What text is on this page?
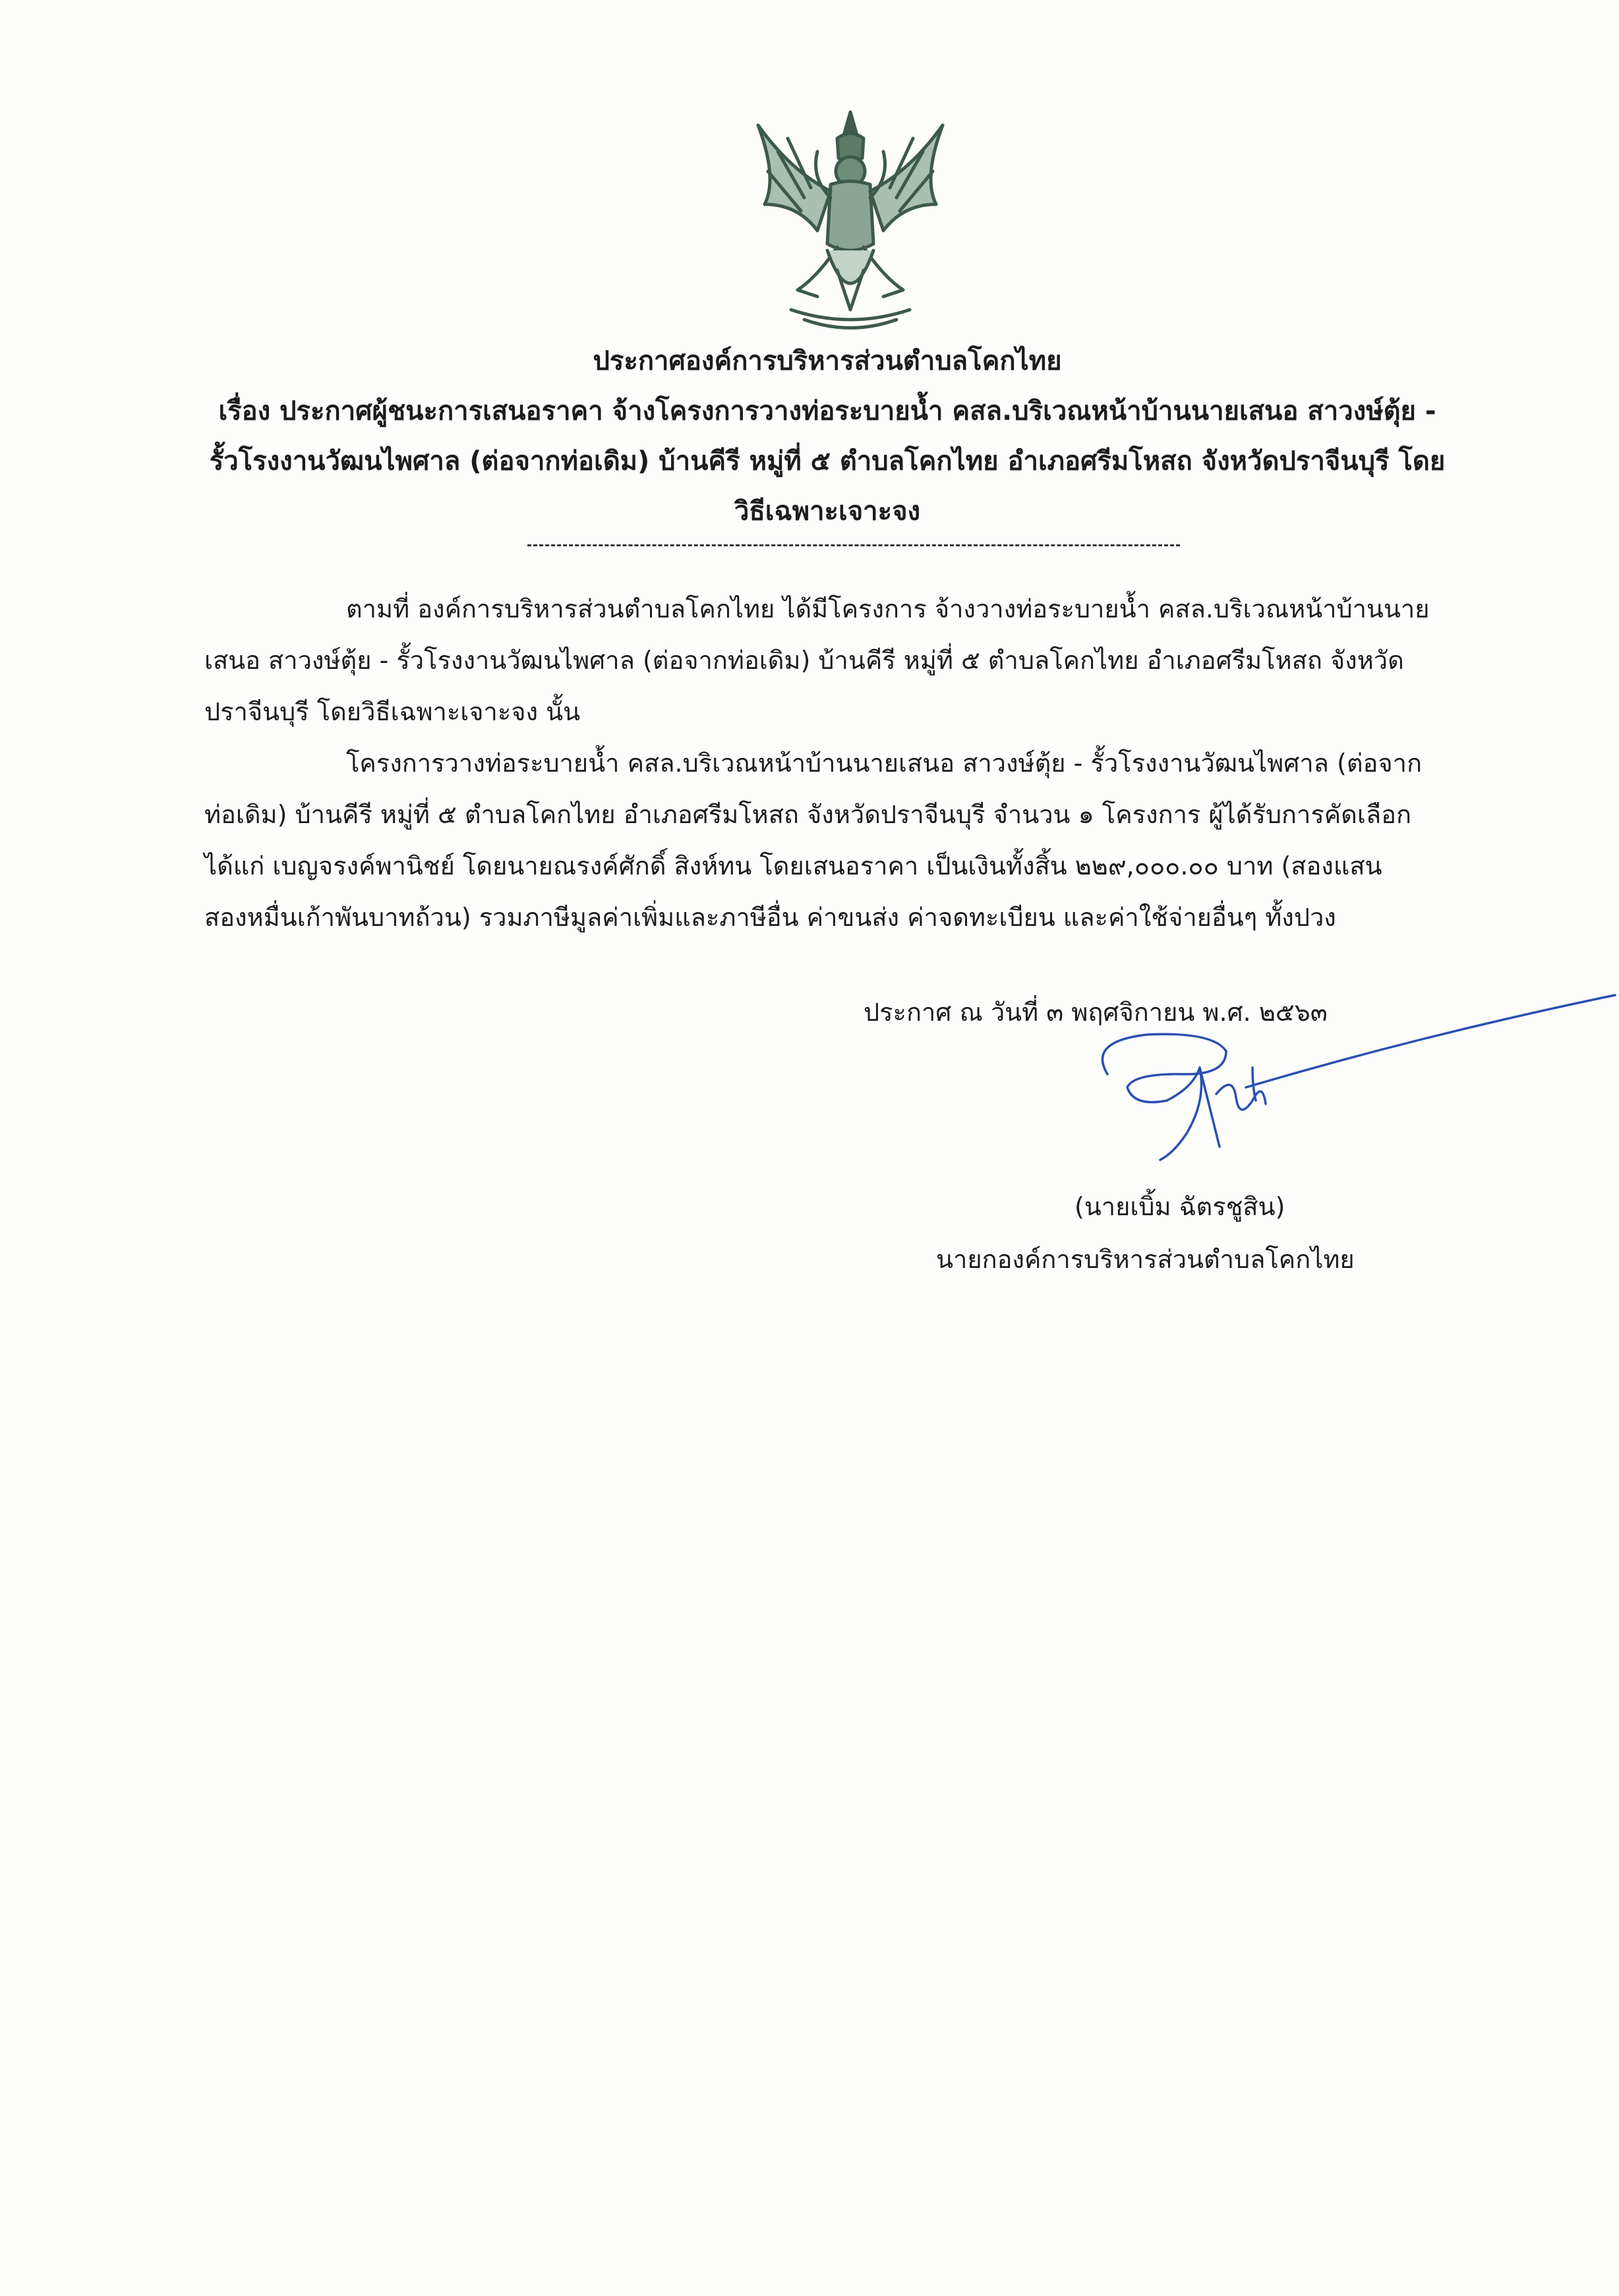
ประกาศองค์การบริหารส่วนตำบลโคกไทย
เรื่อง ประกาศผู้ชนะการเสนอราคา จ้างโครงการวางท่อระบายน้ำ คสล.บริเวณหน้าบ้านนายเสนอ สาวงษ์ตุ้ย -
รั้วโรงงานวัฒนไพศาล (ต่อจากท่อเดิม) บ้านคีรี หมู่ที่ ๕ ตำบลโคกไทย อำเภอศรีมโหสถ จังหวัดปราจีนบุรี โดย
วิธีเฉพาะเจาะจง
ตามที่ องค์การบริหารส่วนตำบลโคกไทย ได้มีโครงการ จ้างวางท่อระบายน้ำ คสล.บริเวณหน้าบ้านนาย
เสนอ สาวงษ์ตุ้ย - รั้วโรงงานวัฒนไพศาล (ต่อจากท่อเดิม) บ้านคีรี หมู่ที่ ๕ ตำบลโคกไทย อำเภอศรีมโหสถ จังหวัด
ปราจีนบุรี โดยวิธีเฉพาะเจาะจง นั้น
โครงการวางท่อระบายน้ำ คสล.บริเวณหน้าบ้านนายเสนอ สาวงษ์ตุ้ย - รั้วโรงงานวัฒนไพศาล (ต่อจาก
ท่อเดิม) บ้านคีรี หมู่ที่ ๕ ตำบลโคกไทย อำเภอศรีมโหสถ จังหวัดปราจีนบุรี จำนวน ๑ โครงการ ผู้ได้รับการคัดเลือก
ได้แก่ เบญจรงค์พานิชย์ โดยนายณรงค์ศักดิ์ สิงห์ทน โดยเสนอราคา เป็นเงินทั้งสิ้น ๒๒๙,๐๐๐.๐๐ บาท (สองแสน
สองหมื่นเก้าพันบาทถ้วน) รวมภาษีมูลค่าเพิ่มและภาษีอื่น ค่าขนส่ง ค่าจดทะเบียน และค่าใช้จ่ายอื่นๆ ทั้งปวง
ประกาศ ณ วันที่ ๓ พฤศจิกายน พ.ศ. ๒๕๖๓
(นายเบิ้ม ฉัตรชูสิน)
นายกองค์การบริหารส่วนตำบลโคกไทย
